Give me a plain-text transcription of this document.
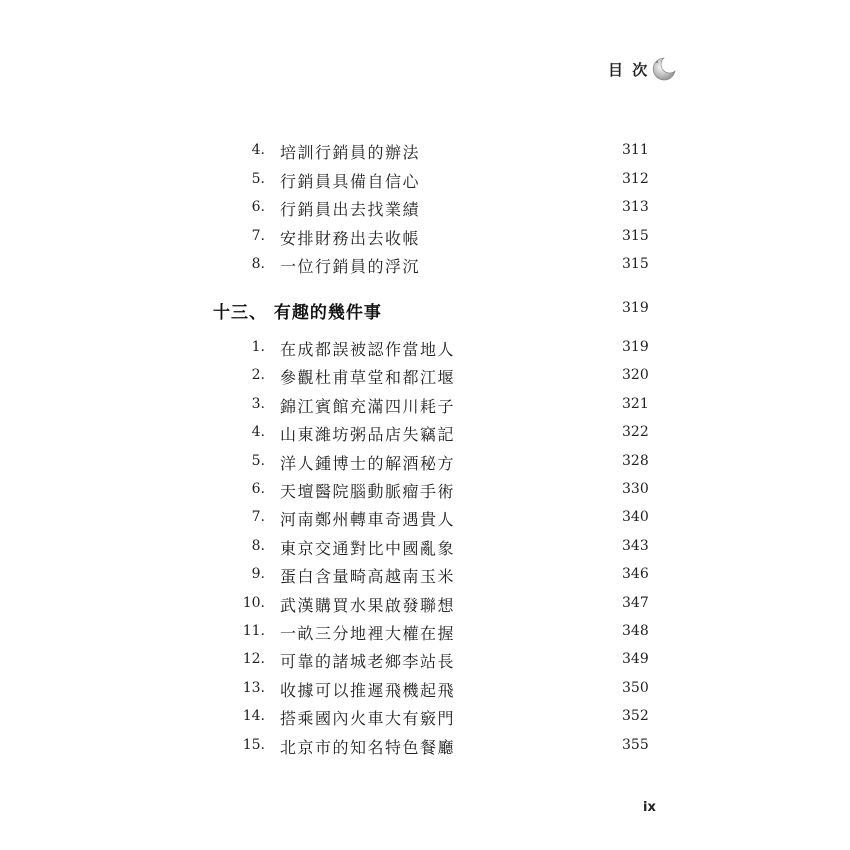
目 次
4. 培訓行銷員的辦法	311
5. 行銷員具備自信心	312
6. 行銷員出去找業績	313
7. 安排財務出去收帳	315
8. 一位行銷員的浮沉	315
十三、 有趣的幾件事	319
1. 在成都誤被認作當地人	319
2. 參觀杜甫草堂和都江堰	320
3. 錦江賓館充滿四川耗子	321
4. 山東濰坊粥品店失竊記	322
5. 洋人鍾博士的解酒秘方	328
6. 天壇醫院腦動脈瘤手術	330
7. 河南鄭州轉車奇遇貴人	340
8. 東京交通對比中國亂象	343
9. 蛋白含量畸高越南玉米	346
10. 武漢購買水果啟發聯想	347
11. 一畝三分地裡大權在握	348
12. 可靠的諸城老鄉李站長	349
13. 收據可以推遲飛機起飛	350
14. 搭乘國內火車大有竅門	352
15. 北京市的知名特色餐廳	355
ix
